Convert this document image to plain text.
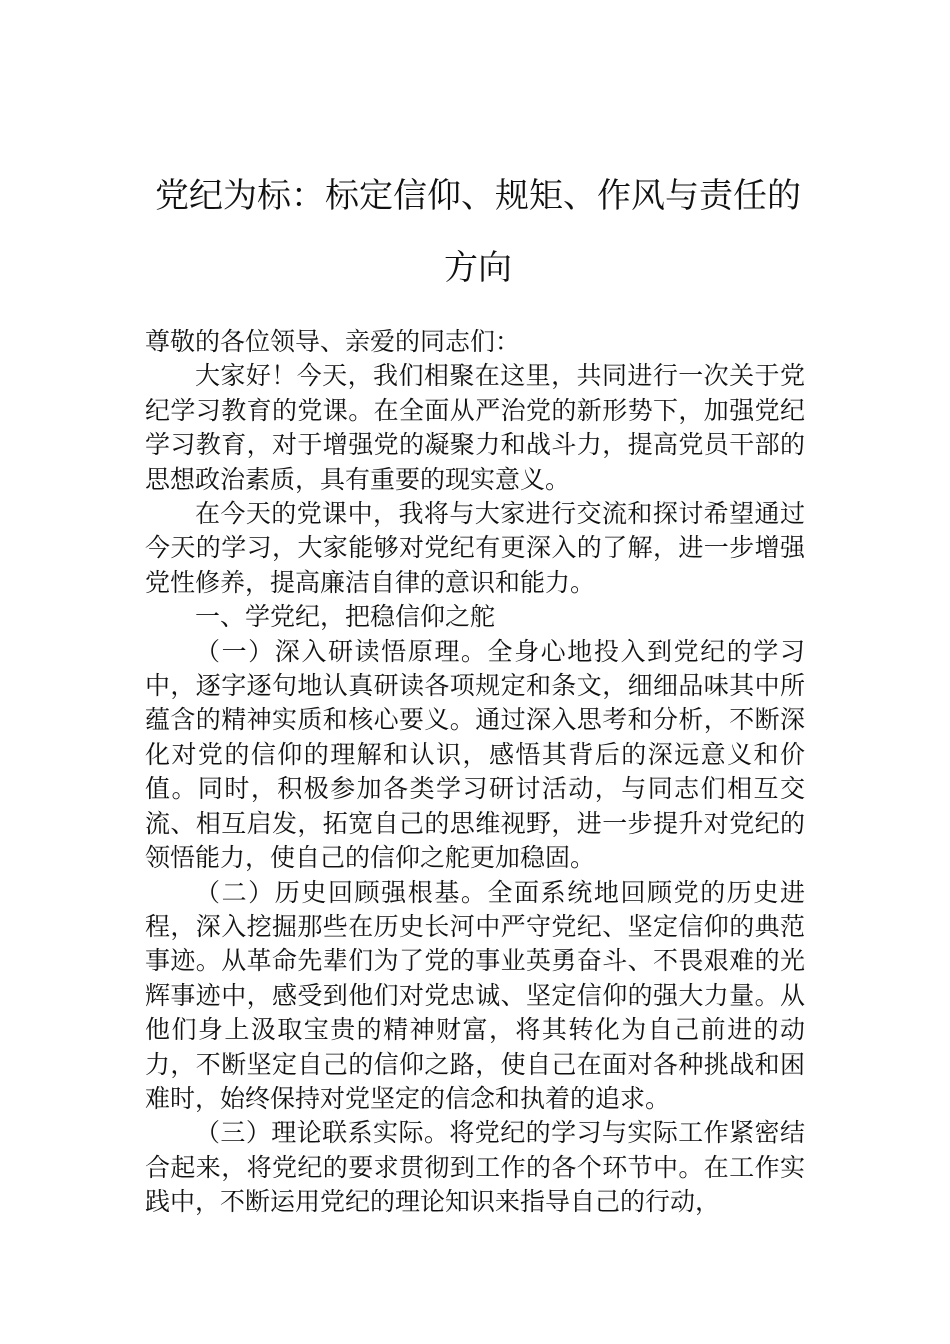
党纪为标：标定信仰、规矩、作风与责任的方向

尊敬的各位领导、亲爱的同志们：

大家好！今天，我们相聚在这里，共同进行一次关于党纪学习教育的党课。在全面从严治党的新形势下，加强党纪学习教育，对于增强党的凝聚力和战斗力，提高党员干部的思想政治素质，具有重要的现实意义。

在今天的党课中，我将与大家进行交流和探讨希望通过今天的学习，大家能够对党纪有更深入的了解，进一步增强党性修养，提高廉洁自律的意识和能力。

一、学党纪，把稳信仰之舵

（一）深入研读悟原理。全身心地投入到党纪的学习中，逐字逐句地认真研读各项规定和条文，细细品味其中所蕴含的精神实质和核心要义。通过深入思考和分析，不断深化对党的信仰的理解和认识，感悟其背后的深远意义和价值。同时，积极参加各类学习研讨活动，与同志们相互交流、相互启发，拓宽自己的思维视野，进一步提升对党纪的领悟能力，使自己的信仰之舵更加稳固。

（二）历史回顾强根基。全面系统地回顾党的历史进程，深入挖掘那些在历史长河中严守党纪、坚定信仰的典范事迹。从革命先辈们为了党的事业英勇奋斗、不畏艰难的光辉事迹中，感受到他们对党忠诚、坚定信仰的强大力量。从他们身上汲取宝贵的精神财富，将其转化为自己前进的动力，不断坚定自己的信仰之路，使自己在面对各种挑战和困难时，始终保持对党坚定的信念和执着的追求。

（三）理论联系实际。将党纪的学习与实际工作紧密结合起来，将党纪的要求贯彻到工作的各个环节中。在工作实践中，不断运用党纪的理论知识来指导自己的行动，
